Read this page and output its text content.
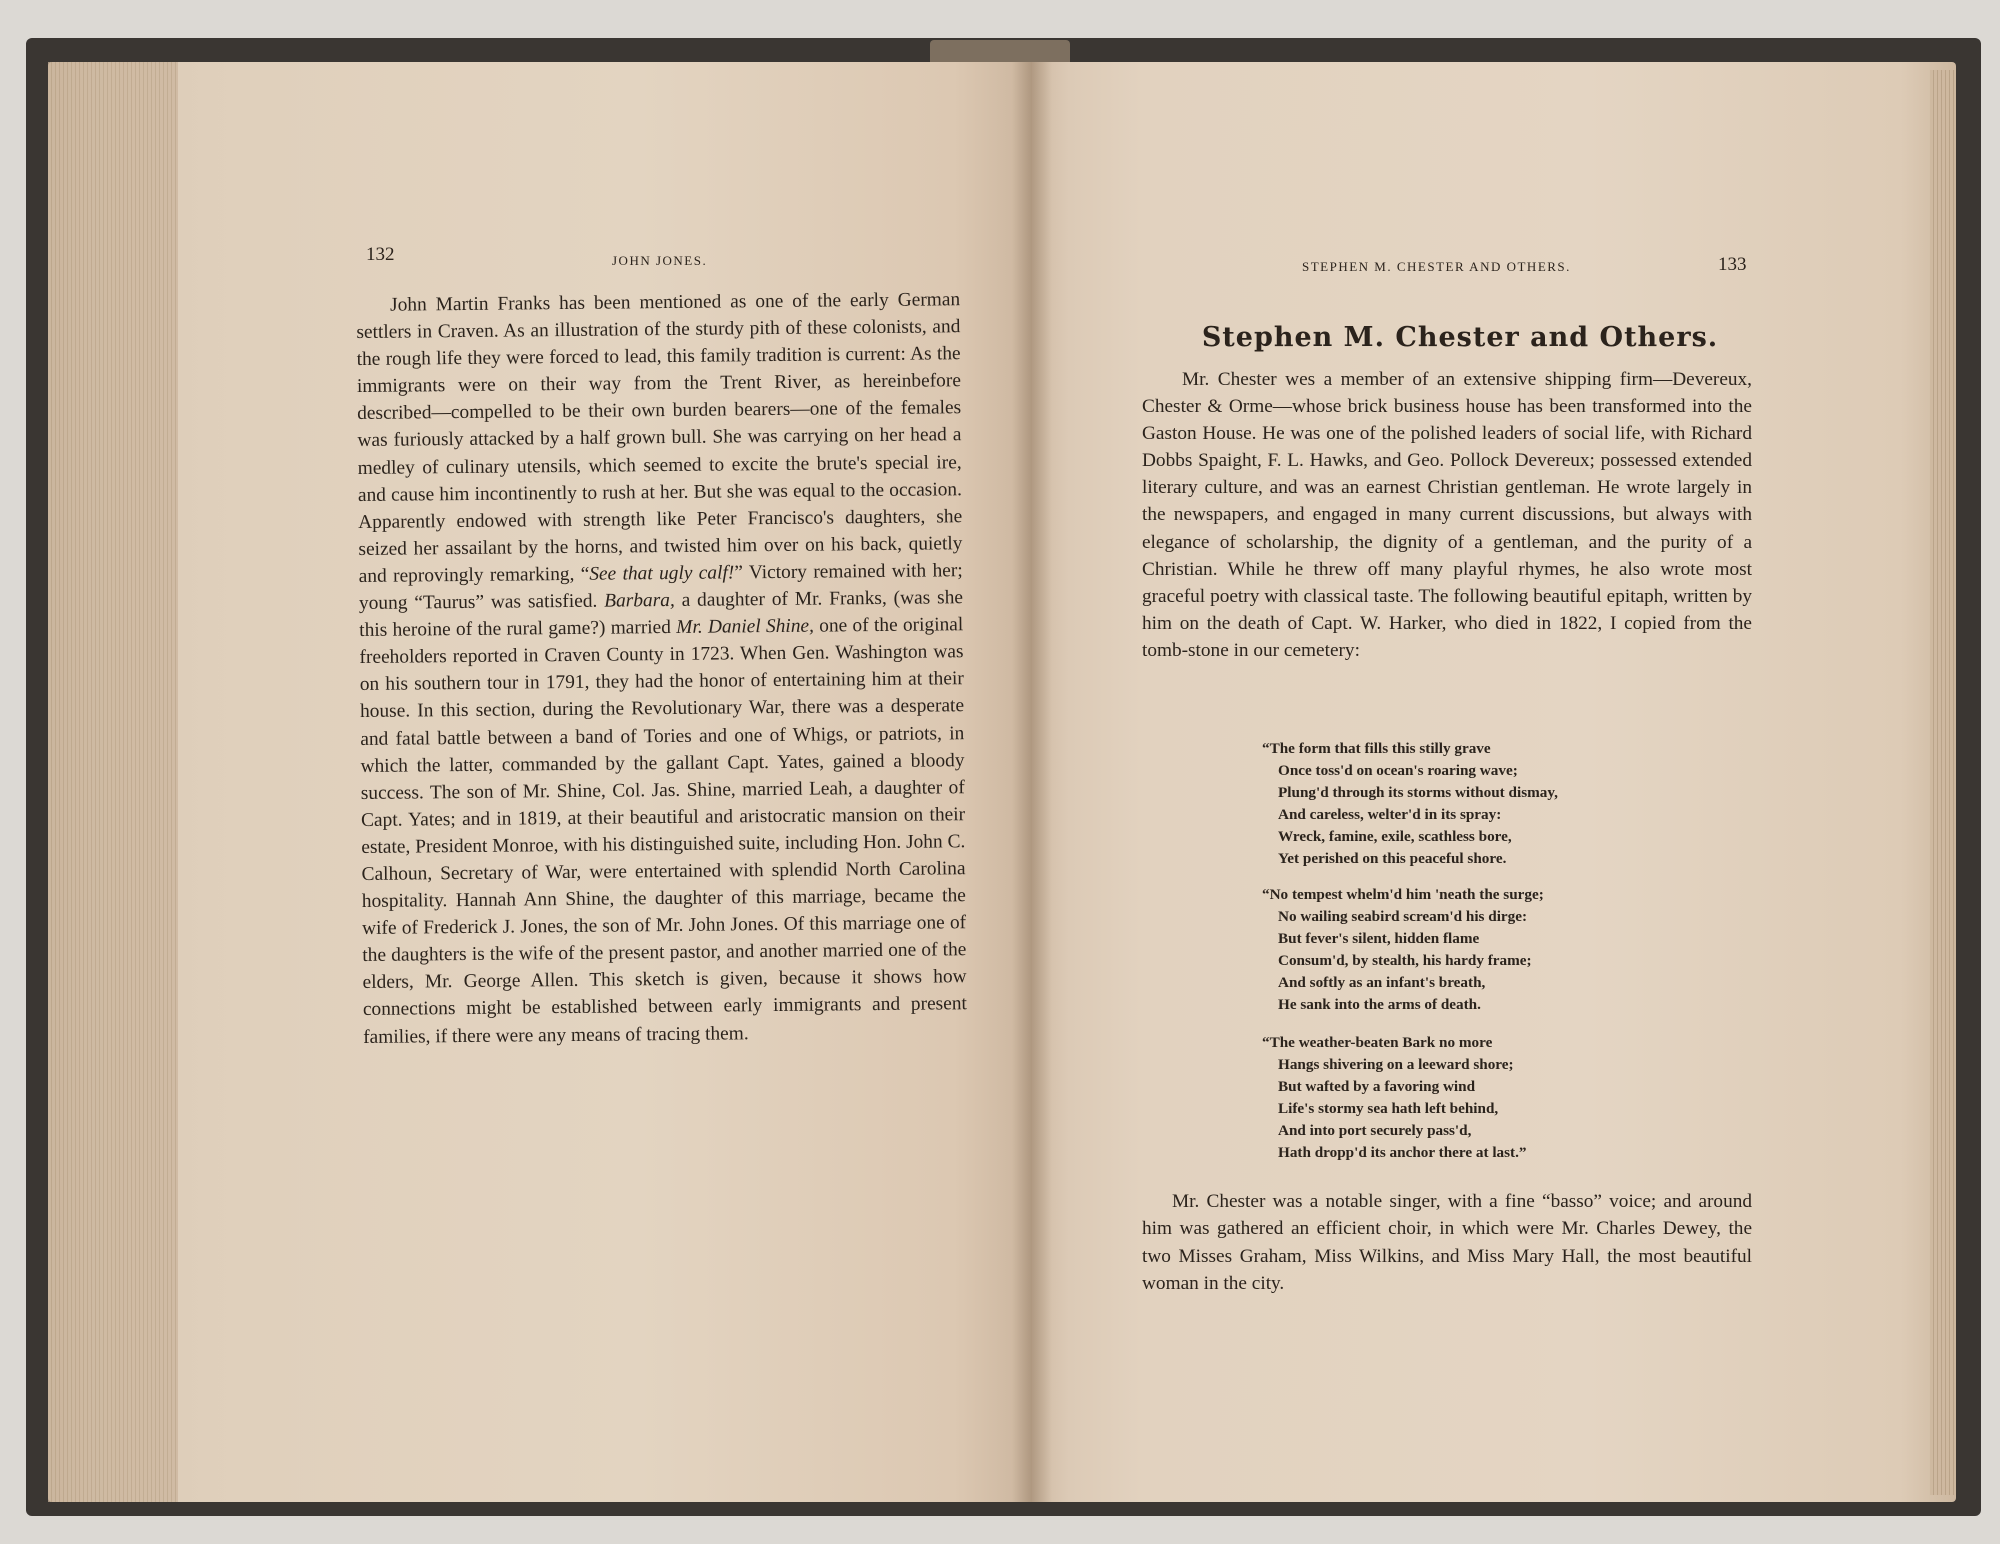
132	JOHN JONES.

John Martin Franks has been mentioned as one of the early German settlers in Craven. As an illustration of the sturdy pith of these colonists, and the rough life they were forced to lead, this family tradition is current: As the immigrants were on their way from the Trent River, as hereinbefore described—compelled to be their own burden bearers—one of the females was furiously attacked by a half grown bull. She was carrying on her head a medley of culinary utensils, which seemed to excite the brute's special ire, and cause him incontinently to rush at her. But she was equal to the occasion. Apparently endowed with strength like Peter Francisco's daughters, she seized her assailant by the horns, and twisted him over on his back, quietly and reprovingly remarking, “See that ugly calf!” Victory remained with her; young “Taurus” was satisfied. Barbara, a daughter of Mr. Franks, (was she this heroine of the rural game?) married Mr. Daniel Shine, one of the original freeholders reported in Craven County in 1723. When Gen. Washington was on his southern tour in 1791, they had the honor of entertaining him at their house. In this section, during the Revolutionary War, there was a desperate and fatal battle between a band of Tories and one of Whigs, or patriots, in which the latter, commanded by the gallant Capt. Yates, gained a bloody success. The son of Mr. Shine, Col. Jas. Shine, married Leah, a daughter of Capt. Yates; and in 1819, at their beautiful and aristocratic mansion on their estate, President Monroe, with his distinguished suite, including Hon. John C. Calhoun, Secretary of War, were entertained with splendid North Carolina hospitality. Hannah Ann Shine, the daughter of this marriage, became the wife of Frederick J. Jones, the son of Mr. John Jones. Of this marriage one of the daughters is the wife of the present pastor, and another married one of the elders, Mr. George Allen. This sketch is given, because it shows how connections might be established between early immigrants and present families, if there were any means of tracing them.

STEPHEN M. CHESTER AND OTHERS.	133
Stephen M. Chester and Others.

Mr. Chester wes a member of an extensive shipping firm—Devereux, Chester & Orme—whose brick business house has been transformed into the Gaston House. He was one of the polished leaders of social life, with Richard Dobbs Spaight, F. L. Hawks, and Geo. Pollock Devereux; possessed extended literary culture, and was an earnest Christian gentleman. He wrote largely in the newspapers, and engaged in many current discussions, but always with elegance of scholarship, the dignity of a gentleman, and the purity of a Christian. While he threw off many playful rhymes, he also wrote most graceful poetry with classical taste. The following beautiful epitaph, written by him on the death of Capt. W. Harker, who died in 1822, I copied from the tomb-stone in our cemetery:

“The form that fills this stilly grave
Once toss'd on ocean's roaring wave;
Plung'd through its storms without dismay,
And careless, welter'd in its spray:
Wreck, famine, exile, scathless bore,
Yet perished on this peaceful shore.
“No tempest whelm'd him 'neath the surge;
No wailing seabird scream'd his dirge:
But fever's silent, hidden flame
Consum'd, by stealth, his hardy frame;
And softly as an infant's breath,
He sank into the arms of death.
“The weather-beaten Bark no more
Hangs shivering on a leeward shore;
But wafted by a favoring wind
Life's stormy sea hath left behind,
And into port securely pass'd,
Hath dropp'd its anchor there at last.”

Mr. Chester was a notable singer, with a fine “basso” voice; and around him was gathered an efficient choir, in which were Mr. Charles Dewey, the two Misses Graham, Miss Wilkins, and Miss Mary Hall, the most beautiful woman in the city.
